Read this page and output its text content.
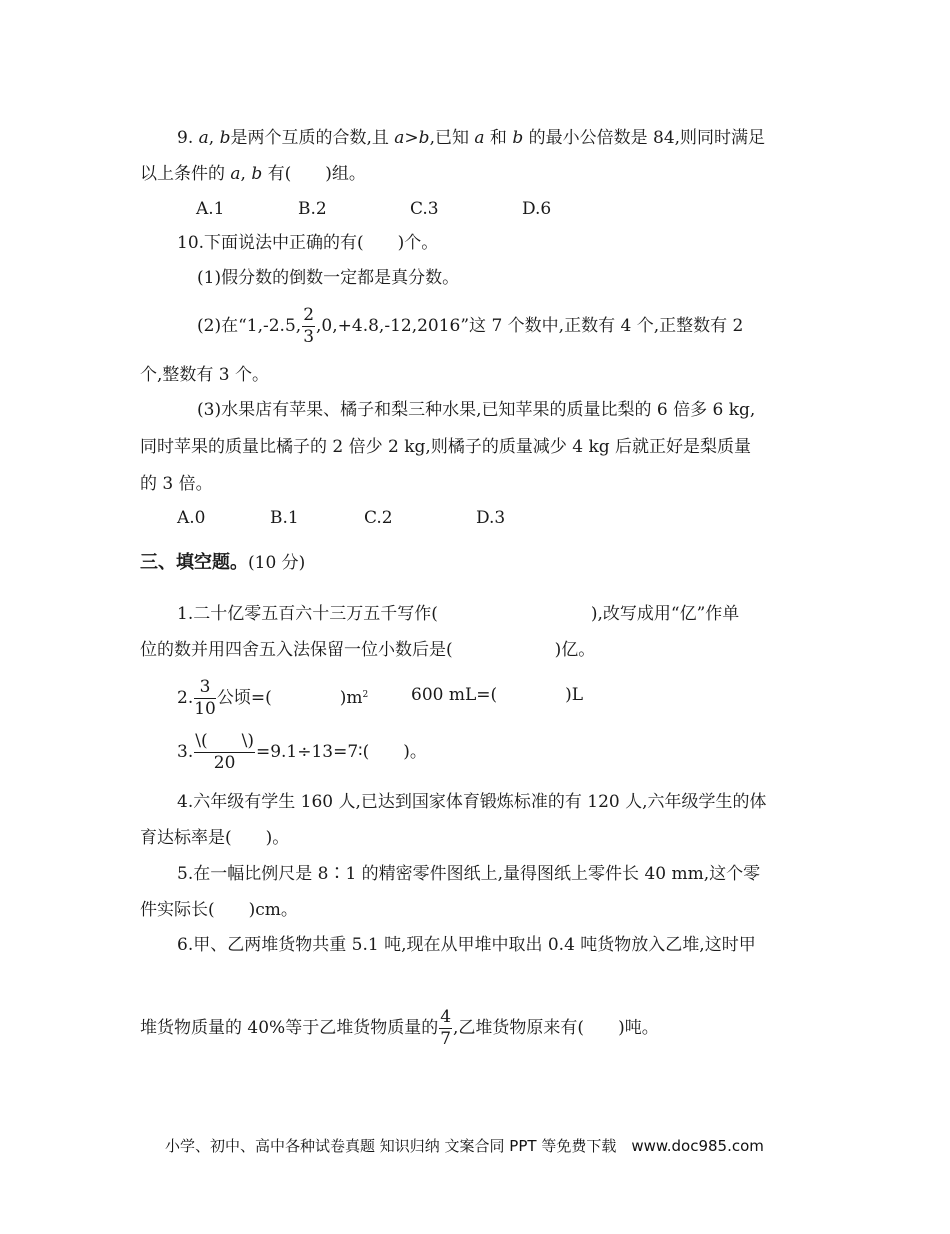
9. a, b是两个互质的合数,且 a>b,已知 a 和 b 的最小公倍数是 84,则同时满足
以上条件的 a, b 有(　　)组。
A.1	B.2	C.3	D.6
10.下面说法中正确的有(　　)个。
(1)假分数的倒数一定都是真分数。
(2)在“1,-2.5, $\frac{2}{3} ,0,+4.8,-12,2016$”这 7 个数中,正数有 4 个,正整数有 2
个,整数有 3 个。
(3)水果店有苹果、橘子和梨三种水果,已知苹果的质量比梨的 6 倍多 6 kg,
同时苹果的质量比橘子的 2 倍少 2 kg,则橘子的质量减少 4 kg 后就正好是梨质量
的 3 倍。
A.0	B.1	C.2	D.3
三、填空题。(10 分)
1.二十亿零五百六十三万五千写作(　　　　　　　　　),改写成用“亿”作单
位的数并用四舍五入法保留一位小数后是(　　　　　　)亿。
2. $\frac{3}{10}$ 公顷=(　　　　)$m^2$	600 mL=(　　　　)L
3. $\frac{\backslash( \backslash)}{20}$ =9.1÷13=7∶(　　)。
4.六年级有学生 160 人,已达到国家体育锻炼标准的有 120 人,六年级学生的体
育达标率是(　　)。
5.在一幅比例尺是 8∶1 的精密零件图纸上,量得图纸上零件长 40 mm,这个零
件实际长(　　)cm。
6.甲、乙两堆货物共重 5.1 吨,现在从甲堆中取出 0.4 吨货物放入乙堆,这时甲
堆货物质量的 40%等于乙堆货物质量的 $\frac{4}{7}$ ,乙堆货物原来有(　　)吨。
小学、初中、高中各种试卷真题 知识归纳 文案合同 PPT 等免费下载　www.doc985.com
